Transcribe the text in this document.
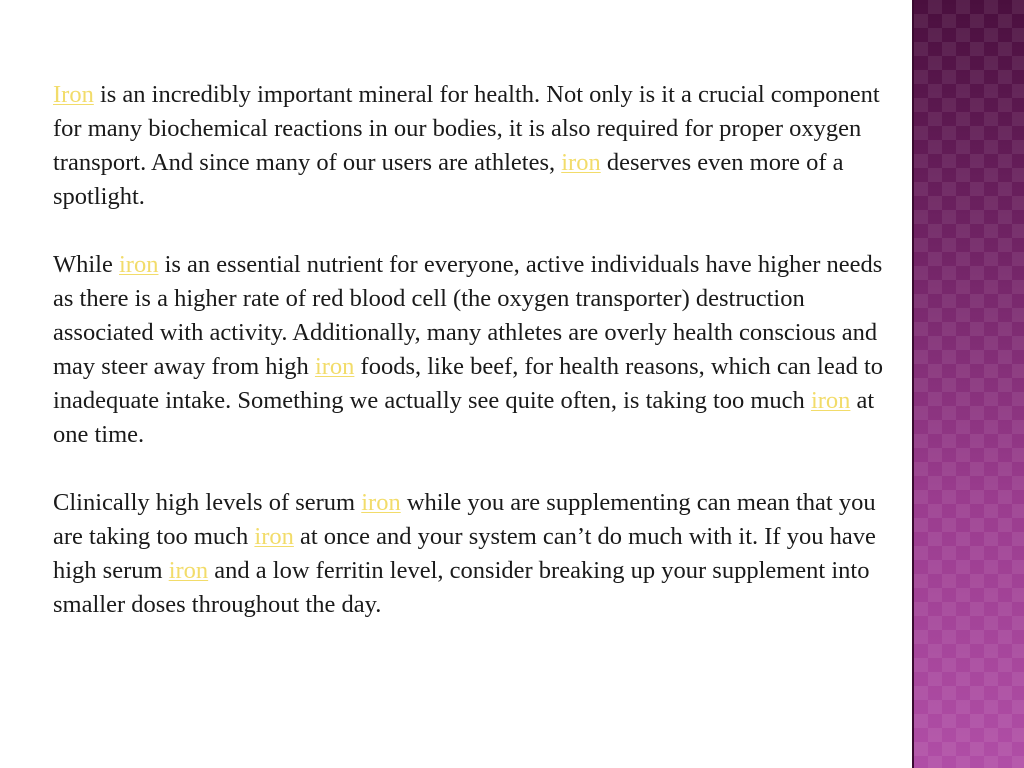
Iron is an incredibly important mineral for health. Not only is it a crucial component for many biochemical reactions in our bodies, it is also required for proper oxygen transport. And since many of our users are athletes, iron deserves even more of a spotlight.

While iron is an essential nutrient for everyone, active individuals have higher needs as there is a higher rate of red blood cell (the oxygen transporter) destruction associated with activity. Additionally, many athletes are overly health conscious and may steer away from high iron foods, like beef, for health reasons, which can lead to inadequate intake. Something we actually see quite often, is taking too much iron at one time.

Clinically high levels of serum iron while you are supplementing can mean that you are taking too much iron at once and your system can’t do much with it. If you have high serum iron and a low ferritin level, consider breaking up your supplement into smaller doses throughout the day.
